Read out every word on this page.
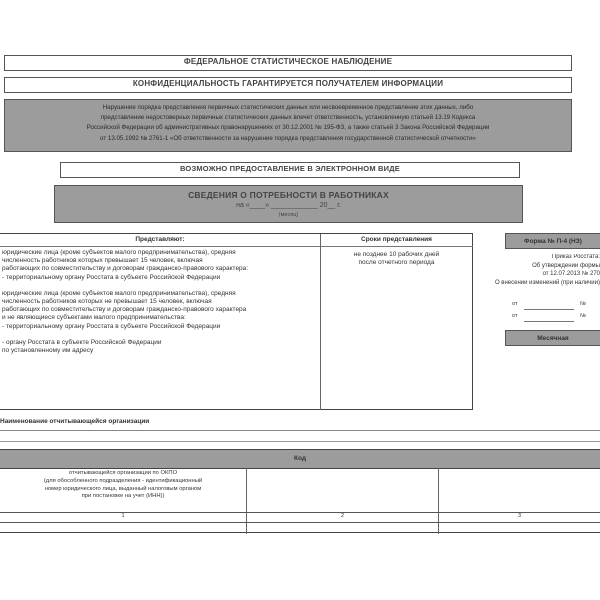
ФЕДЕРАЛЬНОЕ СТАТИСТИЧЕСКОЕ НАБЛЮДЕНИЕ
КОНФИДЕНЦИАЛЬНОСТЬ ГАРАНТИРУЕТСЯ ПОЛУЧАТЕЛЕМ ИНФОРМАЦИИ
Нарушение порядка представления первичных статистических данных или несвоевременное представление этих данных, либо
представление недостоверных первичных статистических данных влечет ответственность, установленную статьей 13.19 Кодекса
Российской Федерации об административных правонарушениях от 30.12.2001 № 195-ФЗ, а также статьей 3 Закона Российской Федерации
от 13.05.1992 № 2761-1 «Об ответственности за нарушение порядка представления государственной статистической отчетности»
ВОЗМОЖНО ПРЕДОСТАВЛЕНИЕ В ЭЛЕКТРОННОМ ВИДЕ
СВЕДЕНИЯ О ПОТРЕБНОСТИ В РАБОТНИКАХ
на «____» ____________ 20__ г.
(месяц)
Представляют:	Сроки представления
юридические лица (кроме субъектов малого предпринимательства), средняя
численность работников которых превышает 15 человек, включая
работающих по совместительству и договорам гражданско-правового характера:
- территориальному органу Росстата в субъекте Российской Федерации
юридические лица (кроме субъектов малого предпринимательства), средняя
численность работников которых не превышает 15 человек, включая
работающих по совместительству и договорам гражданско-правового характера
и не являющиеся субъектами малого предпринимательства:
- территориальному органу Росстата в субъекте Российской Федерации
- органу Росстата в субъекте Российской Федерации
по установленному им адресу
не позднее 10 рабочих дней
после отчетного периода
Форма № П-4 (НЗ)
Приказ Росстата:
Об утверждении формы
от 12.07.2013 № 270
О внесении изменений (при наличии)
от	№
от	№
Месячная
Наименование отчитывающейся организации
Код
отчитывающейся организации по ОКПО
(для обособленного подразделения - идентификационный
номер юридического лица, выданный налоговым органом
при постановке на учет (ИНН))
1	2	3
